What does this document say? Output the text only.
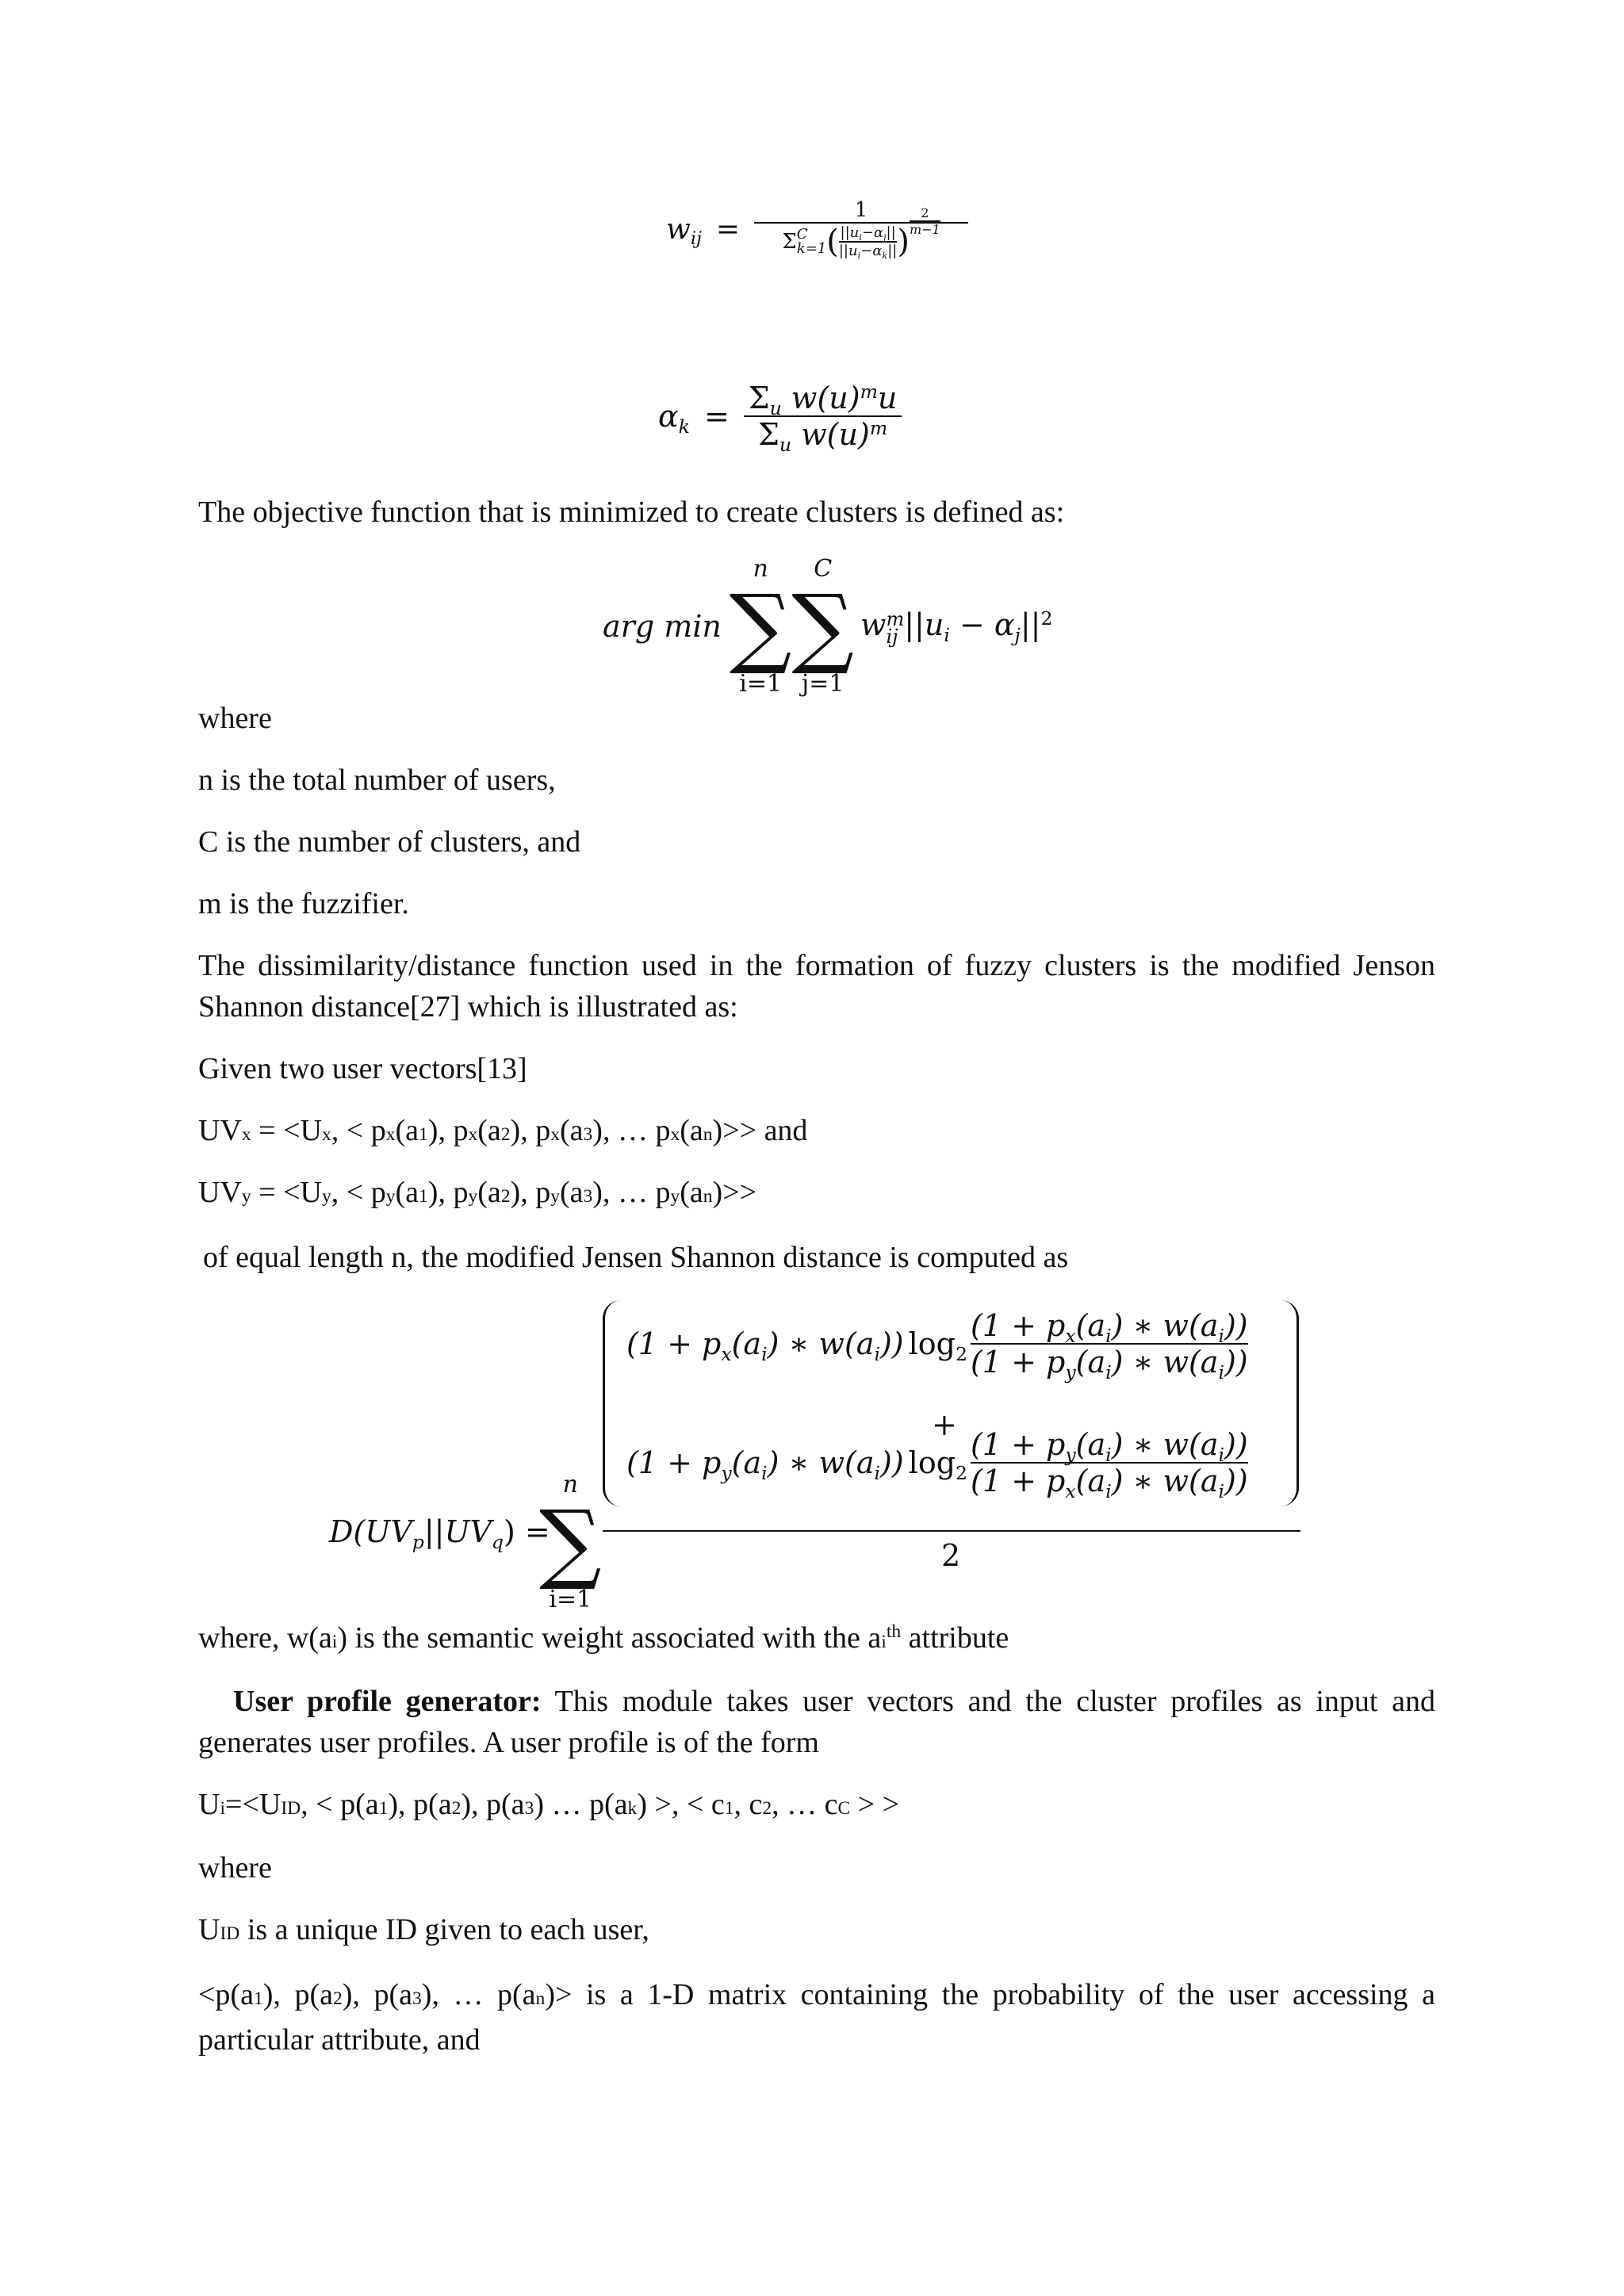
$w_{ij}$ =
1
Σ C
k=1 ( $\frac{||u_i-\alpha_j||}{||u_i-\alpha_k||}$ )
$\frac{2}{m-1}$
$\alpha_k = \frac{\Sigma_u w(u)^mu}{\Sigma_u w(u)^m}$
The objective function that is minimized to create clusters is defined as:
arg min
n
∑
i=1
C
∑
j=1
w m
ij $||u_i - \alpha_j||^2$
where
n is the total number of users,
C is the number of clusters, and
m is the fuzzifier.
The dissimilarity/distance function used in the formation of fuzzy clusters is the modified Jenson Shannon distance[27] which is illustrated as:
Given two user vectors[13]
UVx = <Ux, < px(a1), px(a2), px(a3), … px(an)>> and
UVy = <Uy, < py(a1), py(a2), py(a3), … py(an)>>
of equal length n, the modified Jensen Shannon distance is computed as
$D(UV_p||UV_q)$ =
n
∑
i=1
($1 + p_x(a_i)$ ∗ $w(a_i)$) $\log_2 \frac{(1 + p_x(a_i) ∗ w(a_i))}{(1 + p_y(a_i) ∗ w(a_i))}$
+
($1 + p_y(a_i)$ ∗ $w(a_i)$) $\log_2 \frac{(1 + p_y(a_i) ∗ w(a_i))}{(1 + p_x(a_i) ∗ w(a_i))}$
2
where, w(ai) is the semantic weight associated with the $ai^{th}$ attribute
User profile generator: This module takes user vectors and the cluster profiles as input and generates user profiles. A user profile is of the form
Ui=<UID, < p(a1), p(a2), p(a3) … p(ak) >, < c1, c2, … cC > >
where
UID is a unique ID given to each user,
<p(a1), p(a2), p(a3), … p(an)> is a 1-D matrix containing the probability of the user accessing a particular attribute, and
